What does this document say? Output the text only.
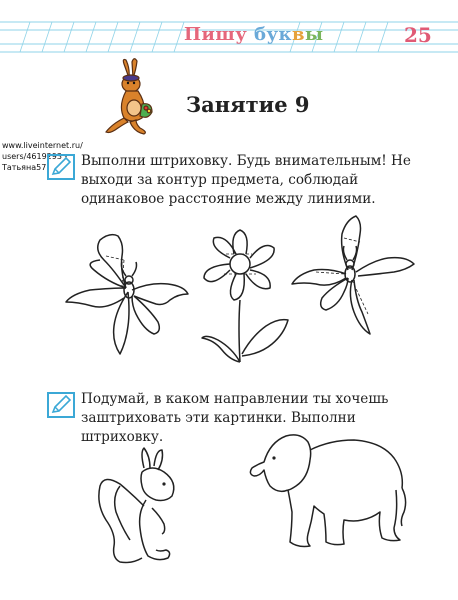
Пишу буквы	25
Занятие 9
www.liveinternet.ru/
users/4619293 -
Татьяна57	Выполни штриховку. Будь внимательным! Не выходи за контур предмета, соблюдай одинаковое расстояние между линиями.

Подумай, в каком направлении ты хочешь заштриховать эти картинки. Выполни штриховку.
